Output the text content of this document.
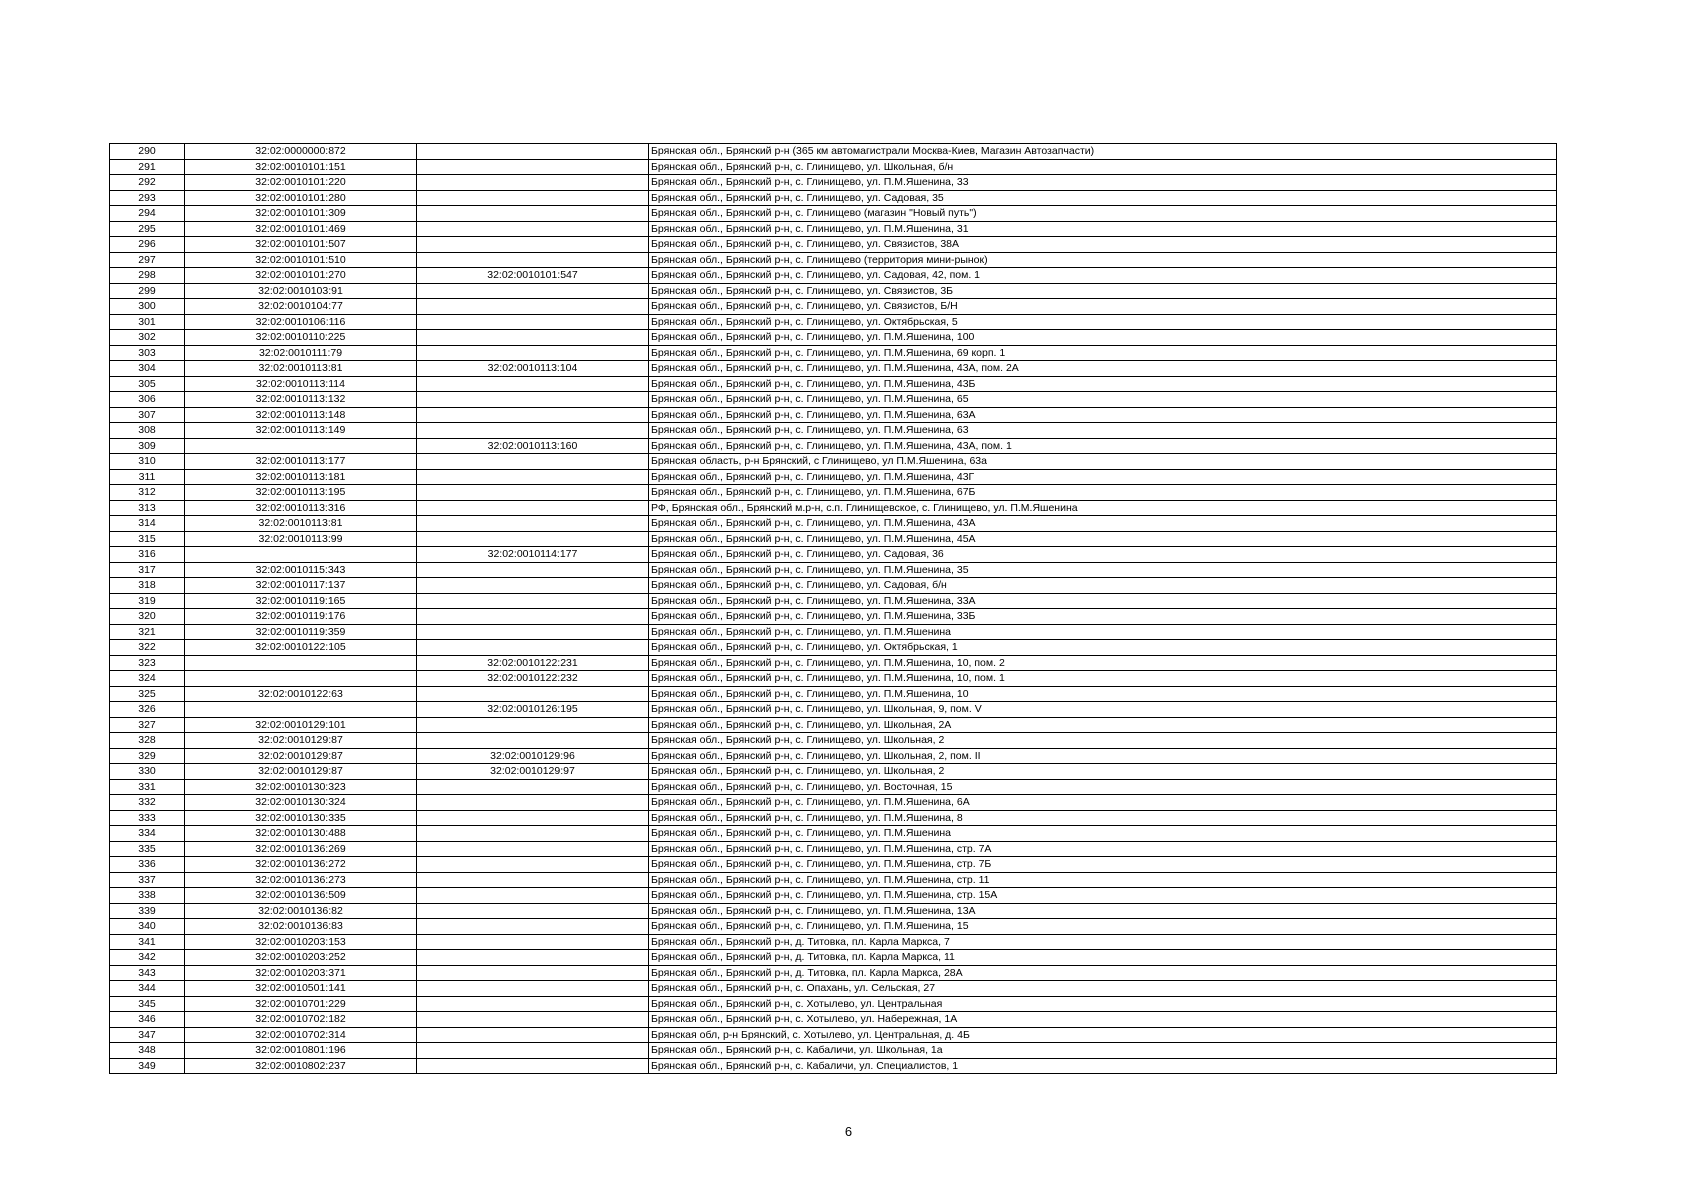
290	32:02:0000000:872		Брянская обл., Брянский р-н (365 км автомагистрали Москва-Киев, Магазин Автозапчасти)
291	32:02:0010101:151		Брянская обл., Брянский р-н, с. Глинищево, ул. Школьная, б/н
292	32:02:0010101:220		Брянская обл., Брянский р-н, с. Глинищево, ул. П.М.Яшенина, 33
293	32:02:0010101:280		Брянская обл., Брянский р-н, с. Глинищево, ул. Садовая, 35
294	32:02:0010101:309		Брянская обл., Брянский р-н, с. Глинищево (магазин "Новый путь")
295	32:02:0010101:469		Брянская обл., Брянский р-н, с. Глинищево, ул. П.М.Яшенина, 31
296	32:02:0010101:507		Брянская обл., Брянский р-н, с. Глинищево, ул. Связистов, 38А
297	32:02:0010101:510		Брянская обл., Брянский р-н, с. Глинищево (территория мини-рынок)
298	32:02:0010101:270	32:02:0010101:547	Брянская обл., Брянский р-н, с. Глинищево, ул. Садовая, 42, пом. 1
299	32:02:0010103:91		Брянская обл., Брянский р-н, с. Глинищево, ул. Связистов, 3Б
300	32:02:0010104:77		Брянская обл., Брянский р-н, с. Глинищево, ул. Связистов, Б/Н
301	32:02:0010106:116		Брянская обл., Брянский р-н, с. Глинищево, ул. Октябрьская, 5
302	32:02:0010110:225		Брянская обл., Брянский р-н, с. Глинищево, ул. П.М.Яшенина, 100
303	32:02:0010111:79		Брянская обл., Брянский р-н, с. Глинищево, ул. П.М.Яшенина, 69 корп. 1
304	32:02:0010113:81	32:02:0010113:104	Брянская обл., Брянский р-н, с. Глинищево, ул. П.М.Яшенина, 43А, пом. 2А
305	32:02:0010113:114		Брянская обл., Брянский р-н, с. Глинищево, ул. П.М.Яшенина, 43Б
306	32:02:0010113:132		Брянская обл., Брянский р-н, с. Глинищево, ул. П.М.Яшенина, 65
307	32:02:0010113:148		Брянская обл., Брянский р-н, с. Глинищево, ул. П.М.Яшенина, 63А
308	32:02:0010113:149		Брянская обл., Брянский р-н, с. Глинищево, ул. П.М.Яшенина, 63
309		32:02:0010113:160	Брянская обл., Брянский р-н, с. Глинищево, ул. П.М.Яшенина, 43А, пом. 1
310	32:02:0010113:177		Брянская область, р-н Брянский, с Глинищево, ул П.М.Яшенина, 63а
311	32:02:0010113:181		Брянская обл., Брянский р-н, с. Глинищево, ул. П.М.Яшенина, 43Г
312	32:02:0010113:195		Брянская обл., Брянский р-н, с. Глинищево, ул. П.М.Яшенина, 67Б
313	32:02:0010113:316		РФ, Брянская обл., Брянский м.р-н, с.п. Глинищевское, с. Глинищево, ул. П.М.Яшенина
314	32:02:0010113:81		Брянская обл., Брянский р-н, с. Глинищево, ул. П.М.Яшенина, 43А
315	32:02:0010113:99		Брянская обл., Брянский р-н, с. Глинищево, ул. П.М.Яшенина, 45А
316		32:02:0010114:177	Брянская обл., Брянский р-н, с. Глинищево, ул. Садовая, 36
317	32:02:0010115:343		Брянская обл., Брянский р-н, с. Глинищево, ул. П.М.Яшенина, 35
318	32:02:0010117:137		Брянская обл., Брянский р-н, с. Глинищево, ул. Садовая, б/н
319	32:02:0010119:165		Брянская обл., Брянский р-н, с. Глинищево, ул. П.М.Яшенина, 33А
320	32:02:0010119:176		Брянская обл., Брянский р-н, с. Глинищево, ул. П.М.Яшенина, 33Б
321	32:02:0010119:359		Брянская обл., Брянский р-н, с. Глинищево, ул. П.М.Яшенина
322	32:02:0010122:105		Брянская обл., Брянский р-н, с. Глинищево, ул. Октябрьская, 1
323		32:02:0010122:231	Брянская обл., Брянский р-н, с. Глинищево, ул. П.М.Яшенина, 10, пом. 2
324		32:02:0010122:232	Брянская обл., Брянский р-н, с. Глинищево, ул. П.М.Яшенина, 10, пом. 1
325	32:02:0010122:63		Брянская обл., Брянский р-н, с. Глинищево, ул. П.М.Яшенина, 10
326		32:02:0010126:195	Брянская обл., Брянский р-н, с. Глинищево, ул. Школьная, 9, пом. V
327	32:02:0010129:101		Брянская обл., Брянский р-н, с. Глинищево, ул. Школьная, 2А
328	32:02:0010129:87		Брянская обл., Брянский р-н, с. Глинищево, ул. Школьная, 2
329	32:02:0010129:87	32:02:0010129:96	Брянская обл., Брянский р-н, с. Глинищево, ул. Школьная, 2, пом. II
330	32:02:0010129:87	32:02:0010129:97	Брянская обл., Брянский р-н, с. Глинищево, ул. Школьная, 2
331	32:02:0010130:323		Брянская обл., Брянский р-н, с. Глинищево, ул. Восточная, 15
332	32:02:0010130:324		Брянская обл., Брянский р-н, с. Глинищево, ул. П.М.Яшенина, 6А
333	32:02:0010130:335		Брянская обл., Брянский р-н, с. Глинищево, ул. П.М.Яшенина, 8
334	32:02:0010130:488		Брянская обл., Брянский р-н, с. Глинищево, ул. П.М.Яшенина
335	32:02:0010136:269		Брянская обл., Брянский р-н, с. Глинищево, ул. П.М.Яшенина, стр. 7А
336	32:02:0010136:272		Брянская обл., Брянский р-н, с. Глинищево, ул. П.М.Яшенина, стр. 7Б
337	32:02:0010136:273		Брянская обл., Брянский р-н, с. Глинищево, ул. П.М.Яшенина, стр. 11
338	32:02:0010136:509		Брянская обл., Брянский р-н, с. Глинищево, ул. П.М.Яшенина, стр. 15А
339	32:02:0010136:82		Брянская обл., Брянский р-н, с. Глинищево, ул. П.М.Яшенина, 13А
340	32:02:0010136:83		Брянская обл., Брянский р-н, с. Глинищево, ул. П.М.Яшенина, 15
341	32:02:0010203:153		Брянская обл., Брянский р-н, д. Титовка, пл. Карла Маркса, 7
342	32:02:0010203:252		Брянская обл., Брянский р-н, д. Титовка, пл. Карла Маркса, 11
343	32:02:0010203:371		Брянская обл., Брянский р-н, д. Титовка, пл. Карла Маркса, 28А
344	32:02:0010501:141		Брянская обл., Брянский р-н, с. Опахань, ул. Сельская, 27
345	32:02:0010701:229		Брянская обл., Брянский р-н, с. Хотылево, ул. Центральная
346	32:02:0010702:182		Брянская обл., Брянский р-н, с. Хотылево, ул. Набережная, 1А
347	32:02:0010702:314		Брянская обл, р-н Брянский, с. Хотылево, ул. Центральная, д. 4Б
348	32:02:0010801:196		Брянская обл., Брянский р-н, с. Кабаличи, ул. Школьная, 1а
349	32:02:0010802:237		Брянская обл., Брянский р-н, с. Кабаличи, ул. Специалистов, 1
6
